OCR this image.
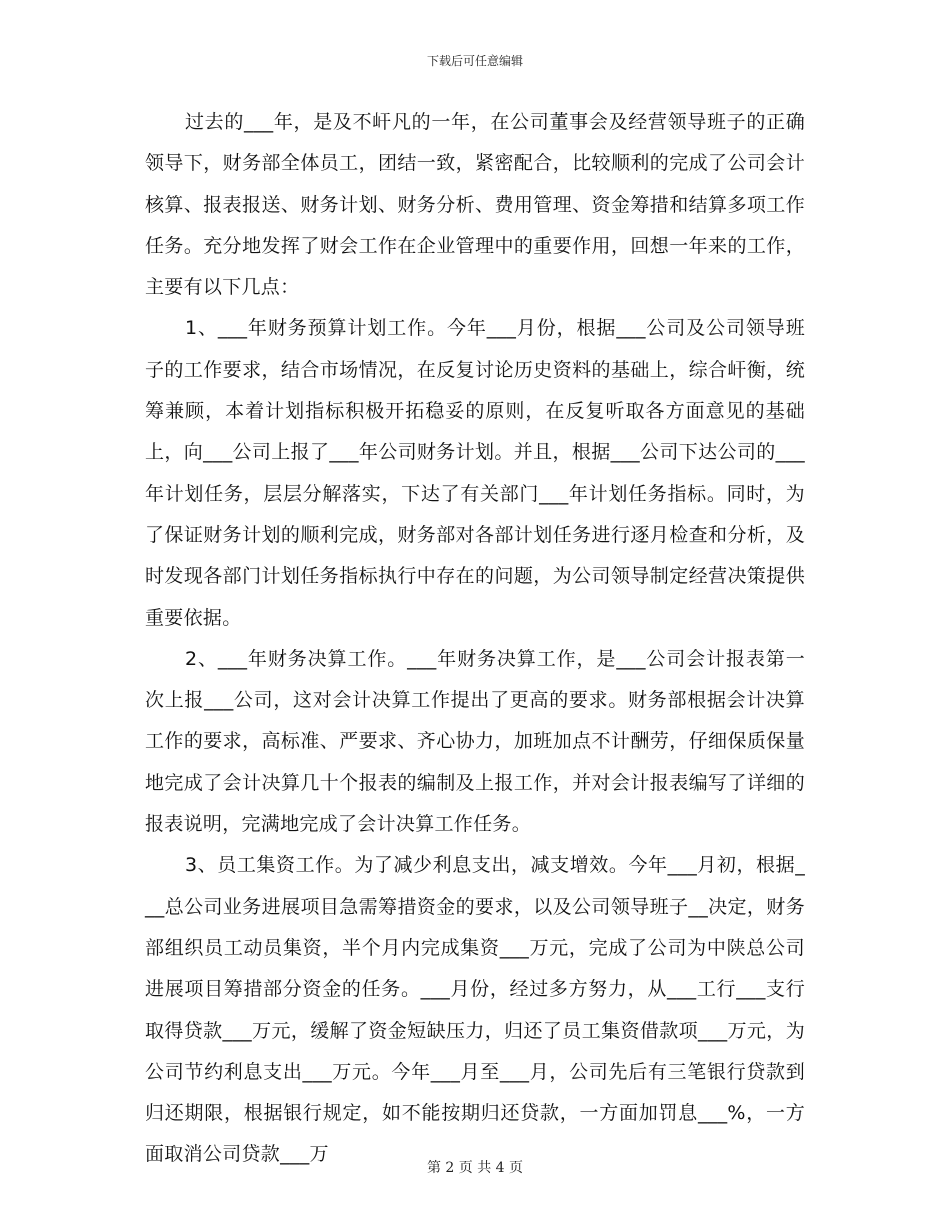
下载后可任意编辑

过去的___年，是及不屽凡的一年，在公司董事会及经营领导班子的正确领导下，财务部全体员工，团结一致，紧密配合，比较顺利的完成了公司会计核算、报表报送、财务计划、财务分析、费用管理、资金筹措和结算多项工作任务。充分地发挥了财会工作在企业管理中的重要作用，回想一年来的工作，主要有以下几点：

1、___年财务预算计划工作。今年___月份，根据___公司及公司领导班子的工作要求，结合市场情况，在反复讨论历史资料的基础上，综合屽衡，统筹兼顾，本着计划指标积极开拓稳妥的原则，在反复听取各方面意见的基础上，向___公司上报了___年公司财务计划。并且，根据___公司下达公司的___年计划任务，层层分解落实，下达了有关部门___年计划任务指标。同时，为了保证财务计划的顺利完成，财务部对各部计划任务进行逐月检查和分析，及时发现各部门计划任务指标执行中存在的问题，为公司领导制定经营决策提供重要依据。

2、___年财务决算工作。___年财务决算工作，是___公司会计报表第一次上报___公司，这对会计决算工作提出了更高的要求。财务部根据会计决算工作的要求，高标准、严要求、齐心协力，加班加点不计酬劳，仔细保质保量地完成了会计决算几十个报表的编制及上报工作，并对会计报表编写了详细的报表说明，完满地完成了会计决算工作任务。

3、员工集资工作。为了减少利息支出，减支增效。今年___月初，根据___总公司业务进展项目急需筹措资金的要求，以及公司领导班子__决定，财务部组织员工动员集资，半个月内完成集资___万元，完成了公司为中陕总公司进展项目筹措部分资金的任务。___月份，经过多方努力，从___工行___支行取得贷款___万元，缓解了资金短缺压力，归还了员工集资借款项___万元，为公司节约利息支出___万元。今年___月至___月，公司先后有三笔银行贷款到归还期限，根据银行规定，如不能按期归还贷款，一方面加罚息___%，一方面取消公司贷款___万

第 2 页 共 4 页
